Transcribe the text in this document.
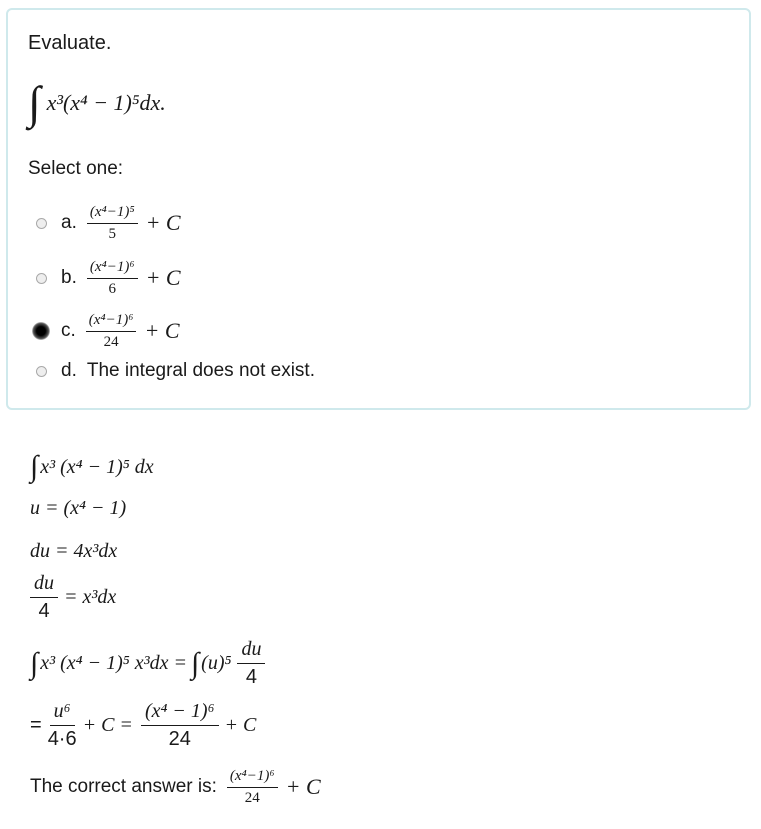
Evaluate.
∫ x³(x⁴ − 1)⁵dx.
Select one:
a. $\frac{\text{(x⁴−1)⁵}}{5} + C$
b. $\frac{\text{(x⁴−1)⁶}}{6} + C$
c. $\frac{\text{(x⁴−1)⁶}}{24} + C$
d. The integral does not exist.
∫ x³ (x⁴ − 1)⁵ dx
u = (x⁴ − 1)
du = 4x³dx
$\frac{du}{4} = x^3dx$
∫ x³ (x⁴ − 1)⁵ x³dx = ∫ $(u)^5 \frac{du}{4}$
= $\frac{\text{u⁶}}{4\cdot 6} + C = \frac{\text{(x⁴ − 1)⁶}}{24} + C$
The correct answer is: $\frac{\text{(x⁴−1)⁶}}{24} + C$
